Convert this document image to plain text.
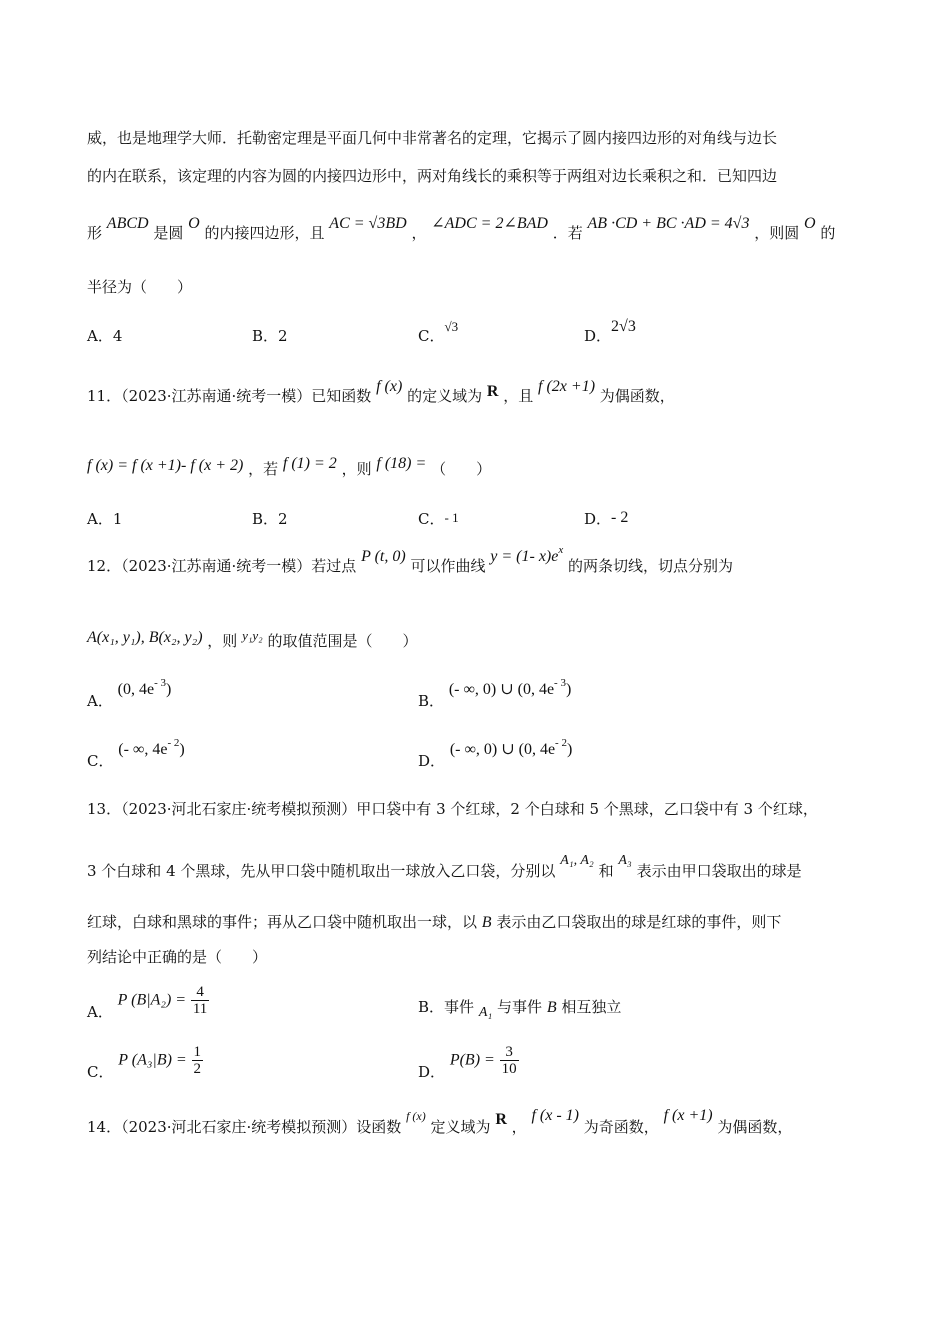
威，也是地理学大师．托勒密定理是平面几何中非常著名的定理，它揭示了圆内接四边形的对角线与边长
的内在联系，该定理的内容为圆的内接四边形中，两对角线长的乘积等于两组对边长乘积之和．已知四边
形 ABCD 是圆 O 的内接四边形，且 AC = √3BD ， ∠ADC = 2∠BAD ．若 AB ·CD + BC ·AD = 4√3 ，则圆 O 的
半径为（　　）
A．4	B．2	C．√3
D．2√3
11．（2023·江苏南通·统考一模）已知函数 f (x) 的定义域为 R ，且 f (2x +1) 为偶函数，
f (x) = f (x +1)- f (x + 2) ，若 f (1) = 2 ，则 f (18) = （　　）
A．1	B．2	C．- 1	D．- 2
12．（2023·江苏南通·统考一模）若过点 P (t, 0) 可以作曲线 y = (1- $x)e^x$ 的两条切线，切点分别为
A(x₁, y₁), B(x₂, y₂) ，则 y₁y₂ 的取值范围是（　　）
A． (0, $4e^{- 3}$)
B． (- ∞, 0) ∪ (0, $4e^{- 3}$)
C． (- ∞, $4e^{- 2}$)
D． (- ∞, 0) ∪ (0, $4e^{- 2}$)
13．（2023·河北石家庄·统考模拟预测）甲口袋中有 3 个红球，2 个白球和 5 个黑球，乙口袋中有 3 个红球，
3 个白球和 4 个黑球，先从甲口袋中随机取出一球放入乙口袋，分别以 A₁, A₂ 和 A₃ 表示由甲口袋取出的球是
红球，白球和黑球的事件；再从乙口袋中随机取出一球，以 B 表示由乙口袋取出的球是红球的事件，则下
列结论中正确的是（　　）
A． P $(B|A_2) = \frac{4}{11}$	B．事件 A₁ 与事件 B 相互独立
C． P $(A_3|B) = \frac{1}{2}$	D． $P(B) = \frac{3}{10}$
14．（2023·河北石家庄·统考模拟预测）设函数 $^{f (x)}$ 定义域为 R ， f (x - 1) 为奇函数， f (x +1) 为偶函数，
